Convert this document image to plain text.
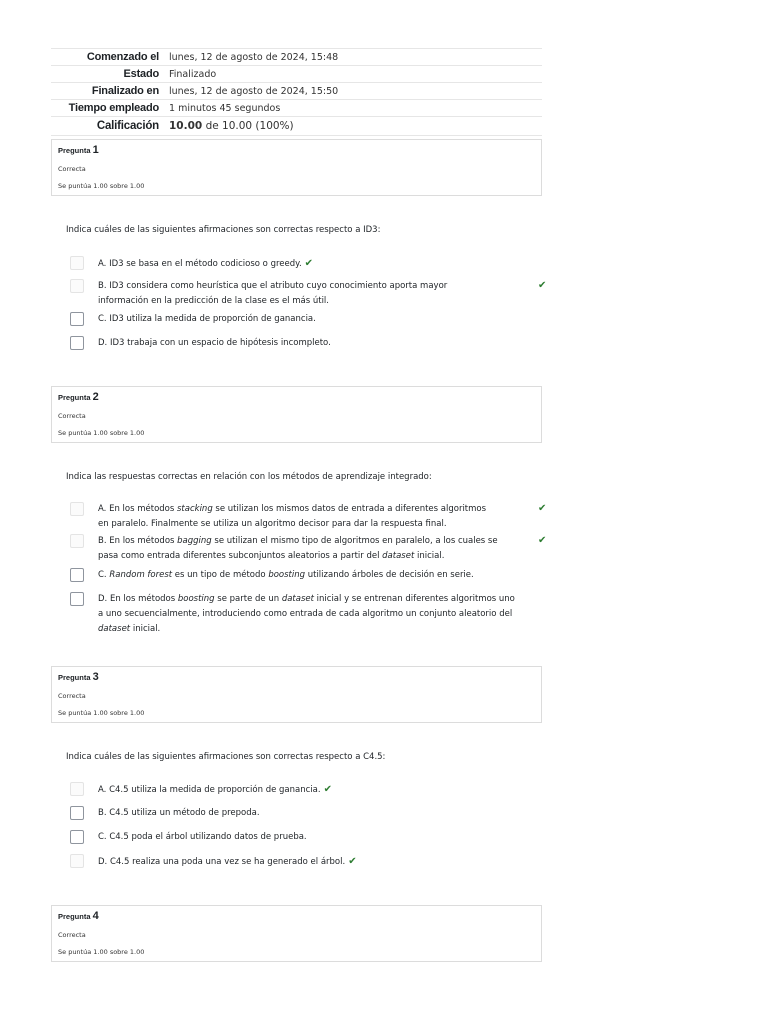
Comenzado el	lunes, 12 de agosto de 2024, 15:48
Estado	Finalizado
Finalizado en	lunes, 12 de agosto de 2024, 15:50
Tiempo empleado	1 minutos 45 segundos
Calificación 10.00 de 10.00 (100%)
Pregunta 1
Correcta
Se puntúa 1.00 sobre 1.00
Indica cuáles de las siguientes afirmaciones son correctas respecto a ID3:
A. ID3 se basa en el método codicioso o greedy. ✔
B. ID3 considera como heurística que el atributo cuyo conocimiento aporta mayor
información en la predicción de la clase es el más útil.
✔
C. ID3 utiliza la medida de proporción de ganancia.
D. ID3 trabaja con un espacio de hipótesis incompleto.
Pregunta 2
Correcta
Se puntúa 1.00 sobre 1.00
Indica las respuestas correctas en relación con los métodos de aprendizaje integrado:
A. En los métodos stacking se utilizan los mismos datos de entrada a diferentes algoritmos
en paralelo. Finalmente se utiliza un algoritmo decisor para dar la respuesta final.
✔
B. En los métodos bagging se utilizan el mismo tipo de algoritmos en paralelo, a los cuales se
pasa como entrada diferentes subconjuntos aleatorios a partir del dataset inicial.
✔
C. Random forest es un tipo de método boosting utilizando árboles de decisión en serie.
D. En los métodos boosting se parte de un dataset inicial y se entrenan diferentes algoritmos uno
a uno secuencialmente, introduciendo como entrada de cada algoritmo un conjunto aleatorio del
dataset inicial.
Pregunta 3
Correcta
Se puntúa 1.00 sobre 1.00
Indica cuáles de las siguientes afirmaciones son correctas respecto a C4.5:
A. C4.5 utiliza la medida de proporción de ganancia. ✔
B. C4.5 utiliza un método de prepoda.
C. C4.5 poda el árbol utilizando datos de prueba.
D. C4.5 realiza una poda una vez se ha generado el árbol. ✔
Pregunta 4
Correcta
Se puntúa 1.00 sobre 1.00
